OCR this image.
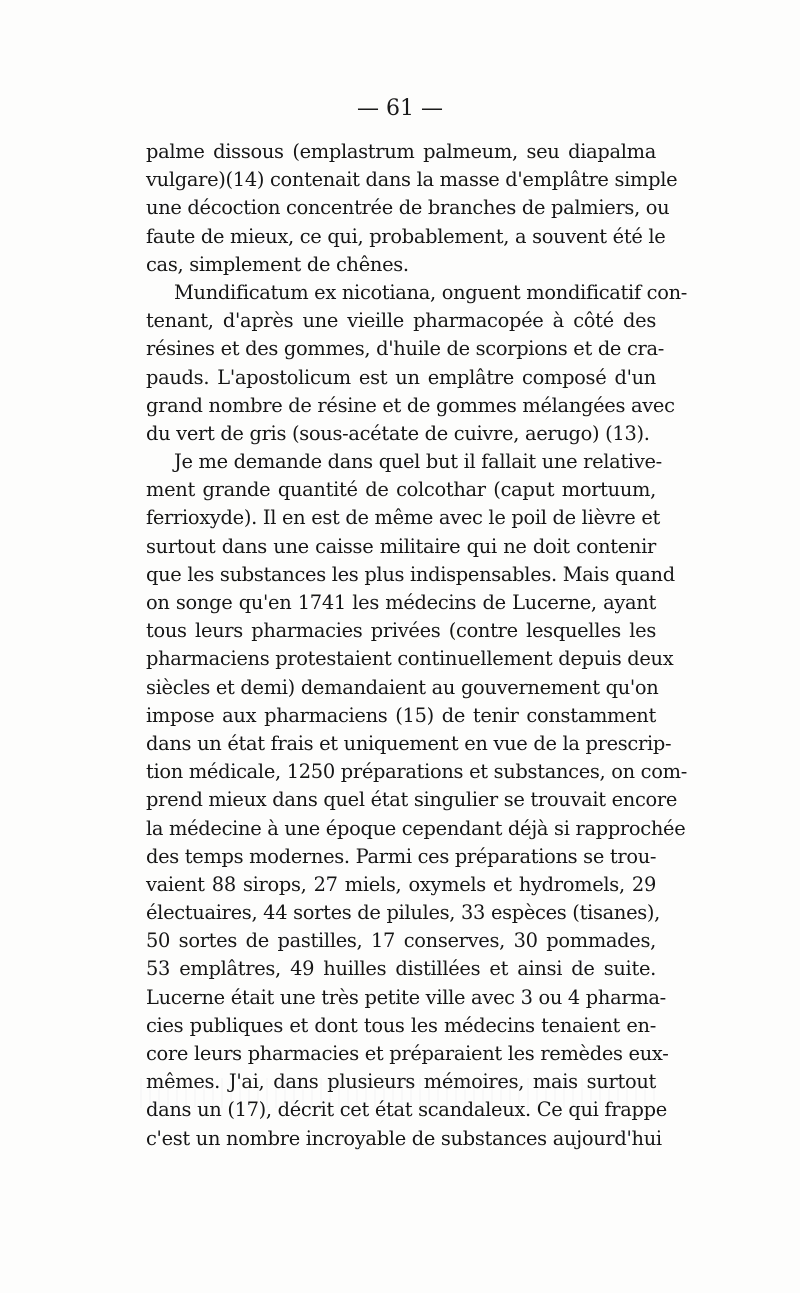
— 61 —
palme dissous (emplastrum palmeum, seu diapalma
vulgare)(14) contenait dans la masse d'emplâtre simple
une décoction concentrée de branches de palmiers, ou
faute de mieux, ce qui, probablement, a souvent été le
cas, simplement de chênes.
Mundificatum ex nicotiana, onguent mondificatif con-
tenant, d'après une vieille pharmacopée à côté des
résines et des gommes, d'huile de scorpions et de cra-
pauds. L'apostolicum est un emplâtre composé d'un
grand nombre de résine et de gommes mélangées avec
du vert de gris (sous-acétate de cuivre, aerugo) (13).
Je me demande dans quel but il fallait une relative-
ment grande quantité de colcothar (caput mortuum,
ferrioxyde). Il en est de même avec le poil de lièvre et
surtout dans une caisse militaire qui ne doit contenir
que les substances les plus indispensables. Mais quand
on songe qu'en 1741 les médecins de Lucerne, ayant
tous leurs pharmacies privées (contre lesquelles les
pharmaciens protestaient continuellement depuis deux
siècles et demi) demandaient au gouvernement qu'on
impose aux pharmaciens (15) de tenir constamment
dans un état frais et uniquement en vue de la prescrip-
tion médicale, 1250 préparations et substances, on com-
prend mieux dans quel état singulier se trouvait encore
la médecine à une époque cependant déjà si rapprochée
des temps modernes. Parmi ces préparations se trou-
vaient 88 sirops, 27 miels, oxymels et hydromels, 29
électuaires, 44 sortes de pilules, 33 espèces (tisanes),
50 sortes de pastilles, 17 conserves, 30 pommades,
53 emplâtres, 49 huilles distillées et ainsi de suite.
Lucerne était une très petite ville avec 3 ou 4 pharma-
cies publiques et dont tous les médecins tenaient en-
core leurs pharmacies et préparaient les remèdes eux-
mêmes. J'ai, dans plusieurs mémoires, mais surtout
dans un (17), décrit cet état scandaleux. Ce qui frappe
c'est un nombre incroyable de substances aujourd'hui
